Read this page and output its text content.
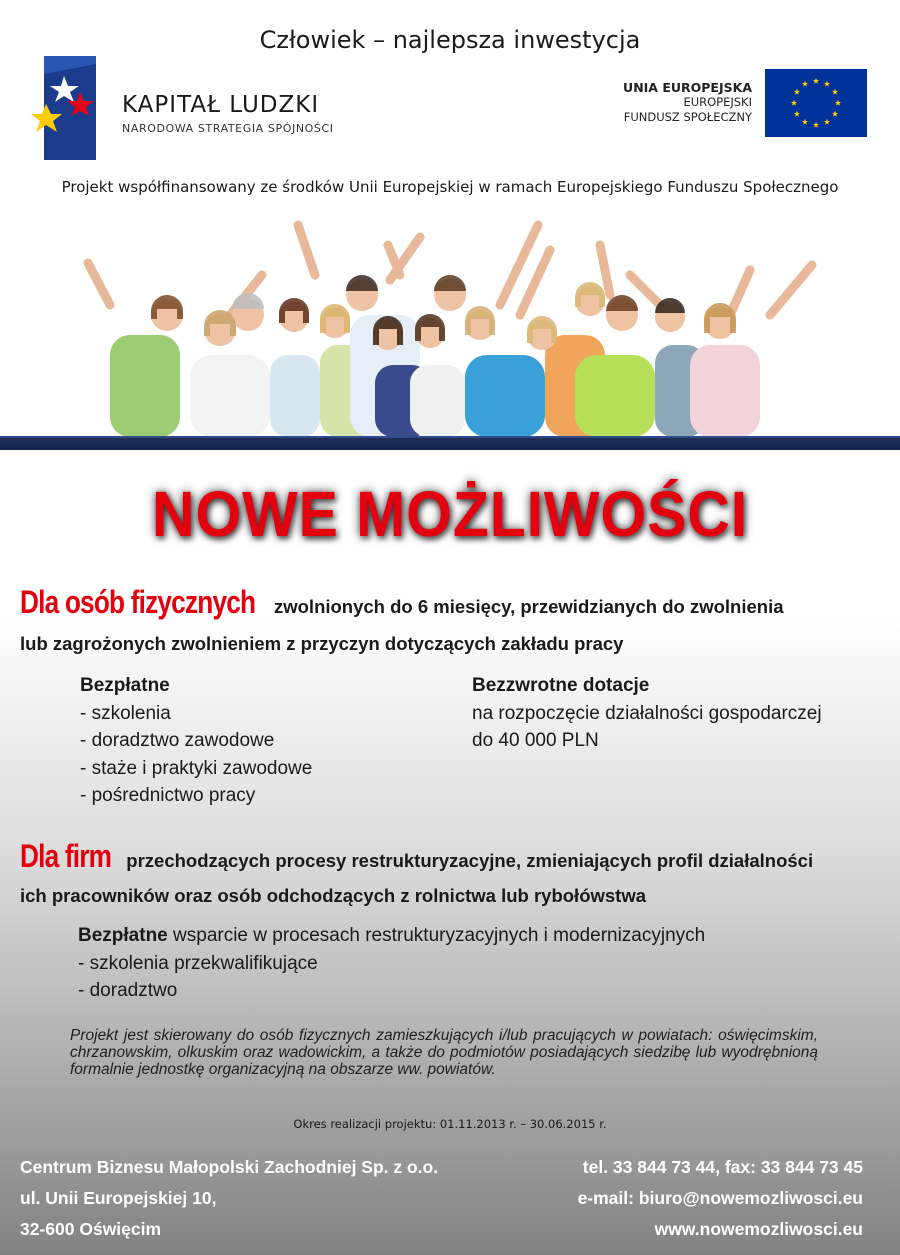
Człowiek – najlepsza inwestycja
KAPITAŁ LUDZKI
NARODOWA STRATEGIA SPÓJNOŚCI
UNIA EUROPEJSKA
EUROPEJSKI
FUNDUSZ SPOŁECZNY
Projekt współfinansowany ze środków Unii Europejskiej w ramach Europejskiego Funduszu Społecznego
NOWE MOŻLIWOŚCI
Dla osób fizycznych zwolnionych do 6 miesięcy, przewidzianych do zwolnienia
lub zagrożonych zwolnieniem z przyczyn dotyczących zakładu pracy
Bezpłatne
- szkolenia
- doradztwo zawodowe
- staże i praktyki zawodowe
- pośrednictwo pracy
Bezzwrotne dotacje
na rozpoczęcie działalności gospodarczej
do 40 000 PLN
Dla firm przechodzących procesy restrukturyzacyjne, zmieniających profil działalności
ich pracowników oraz osób odchodzących z rolnictwa lub rybołówstwa
Bezpłatne wsparcie w procesach restrukturyzacyjnych i modernizacyjnych
- szkolenia przekwalifikujące
- doradztwo
Projekt jest skierowany do osób fizycznych zamieszkujących i/lub pracujących w powiatach: oświęcimskim, chrzanowskim, olkuskim oraz wadowickim, a także do podmiotów posiadających siedzibę lub wyodrębnioną formalnie jednostkę organizacyjną na obszarze ww. powiatów.
Okres realizacji projektu: 01.11.2013 r. – 30.06.2015 r.
Centrum Biznesu Małopolski Zachodniej Sp. z o.o.
ul. Unii Europejskiej 10,
32-600 Oświęcim
tel. 33 844 73 44, fax: 33 844 73 45
e-mail: biuro@nowemozliwosci.eu
www.nowemozliwosci.eu
